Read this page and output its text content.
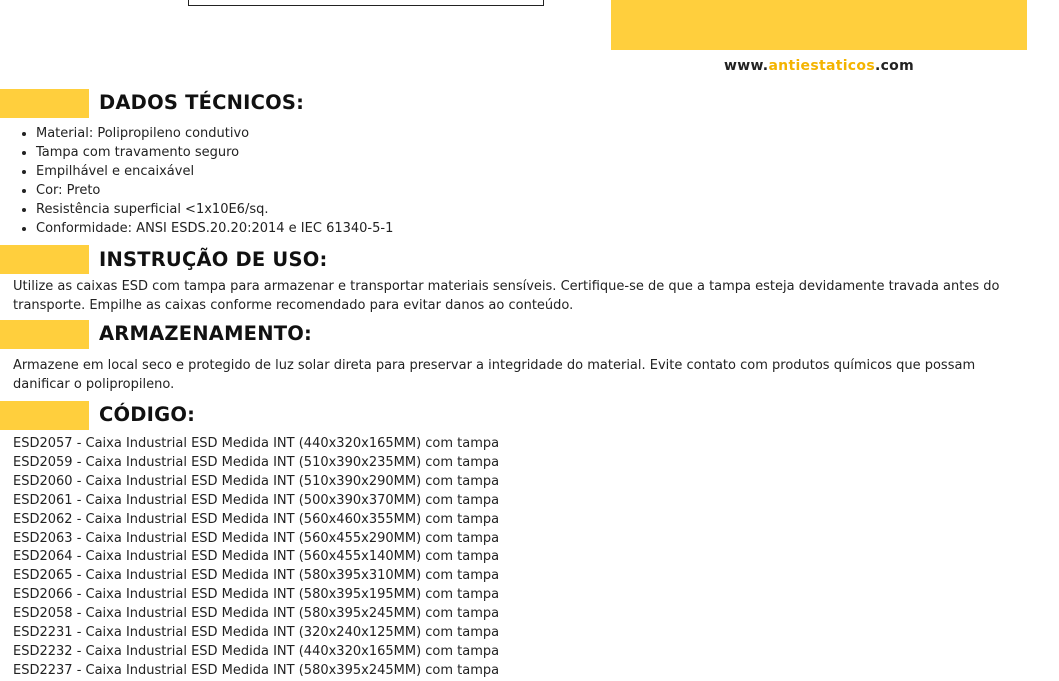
www.antiestaticos.com
DADOS TÉCNICOS:
• Material: Polipropileno condutivo
• Tampa com travamento seguro
• Empilhável e encaixável
• Cor: Preto
• Resistência superficial <1x10E6/sq.
• Conformidade: ANSI ESDS.20.20:2014 e IEC 61340-5-1
INSTRUÇÃO DE USO:
Utilize as caixas ESD com tampa para armazenar e transportar materiais sensíveis. Certifique-se de que a tampa esteja devidamente travada antes do transporte. Empilhe as caixas conforme recomendado para evitar danos ao conteúdo.
ARMAZENAMENTO:
Armazene em local seco e protegido de luz solar direta para preservar a integridade do material. Evite contato com produtos químicos que possam danificar o polipropileno.
CÓDIGO:
ESD2057 - Caixa Industrial ESD Medida INT (440x320x165MM) com tampa
ESD2059 - Caixa Industrial ESD Medida INT (510x390x235MM) com tampa
ESD2060 - Caixa Industrial ESD Medida INT (510x390x290MM) com tampa
ESD2061 - Caixa Industrial ESD Medida INT (500x390x370MM) com tampa
ESD2062 - Caixa Industrial ESD Medida INT (560x460x355MM) com tampa
ESD2063 - Caixa Industrial ESD Medida INT (560x455x290MM) com tampa
ESD2064 - Caixa Industrial ESD Medida INT (560x455x140MM) com tampa
ESD2065 - Caixa Industrial ESD Medida INT (580x395x310MM) com tampa
ESD2066 - Caixa Industrial ESD Medida INT (580x395x195MM) com tampa
ESD2058 - Caixa Industrial ESD Medida INT (580x395x245MM) com tampa
ESD2231 - Caixa Industrial ESD Medida INT (320x240x125MM) com tampa
ESD2232 - Caixa Industrial ESD Medida INT (440x320x165MM) com tampa
ESD2237 - Caixa Industrial ESD Medida INT (580x395x245MM) com tampa
